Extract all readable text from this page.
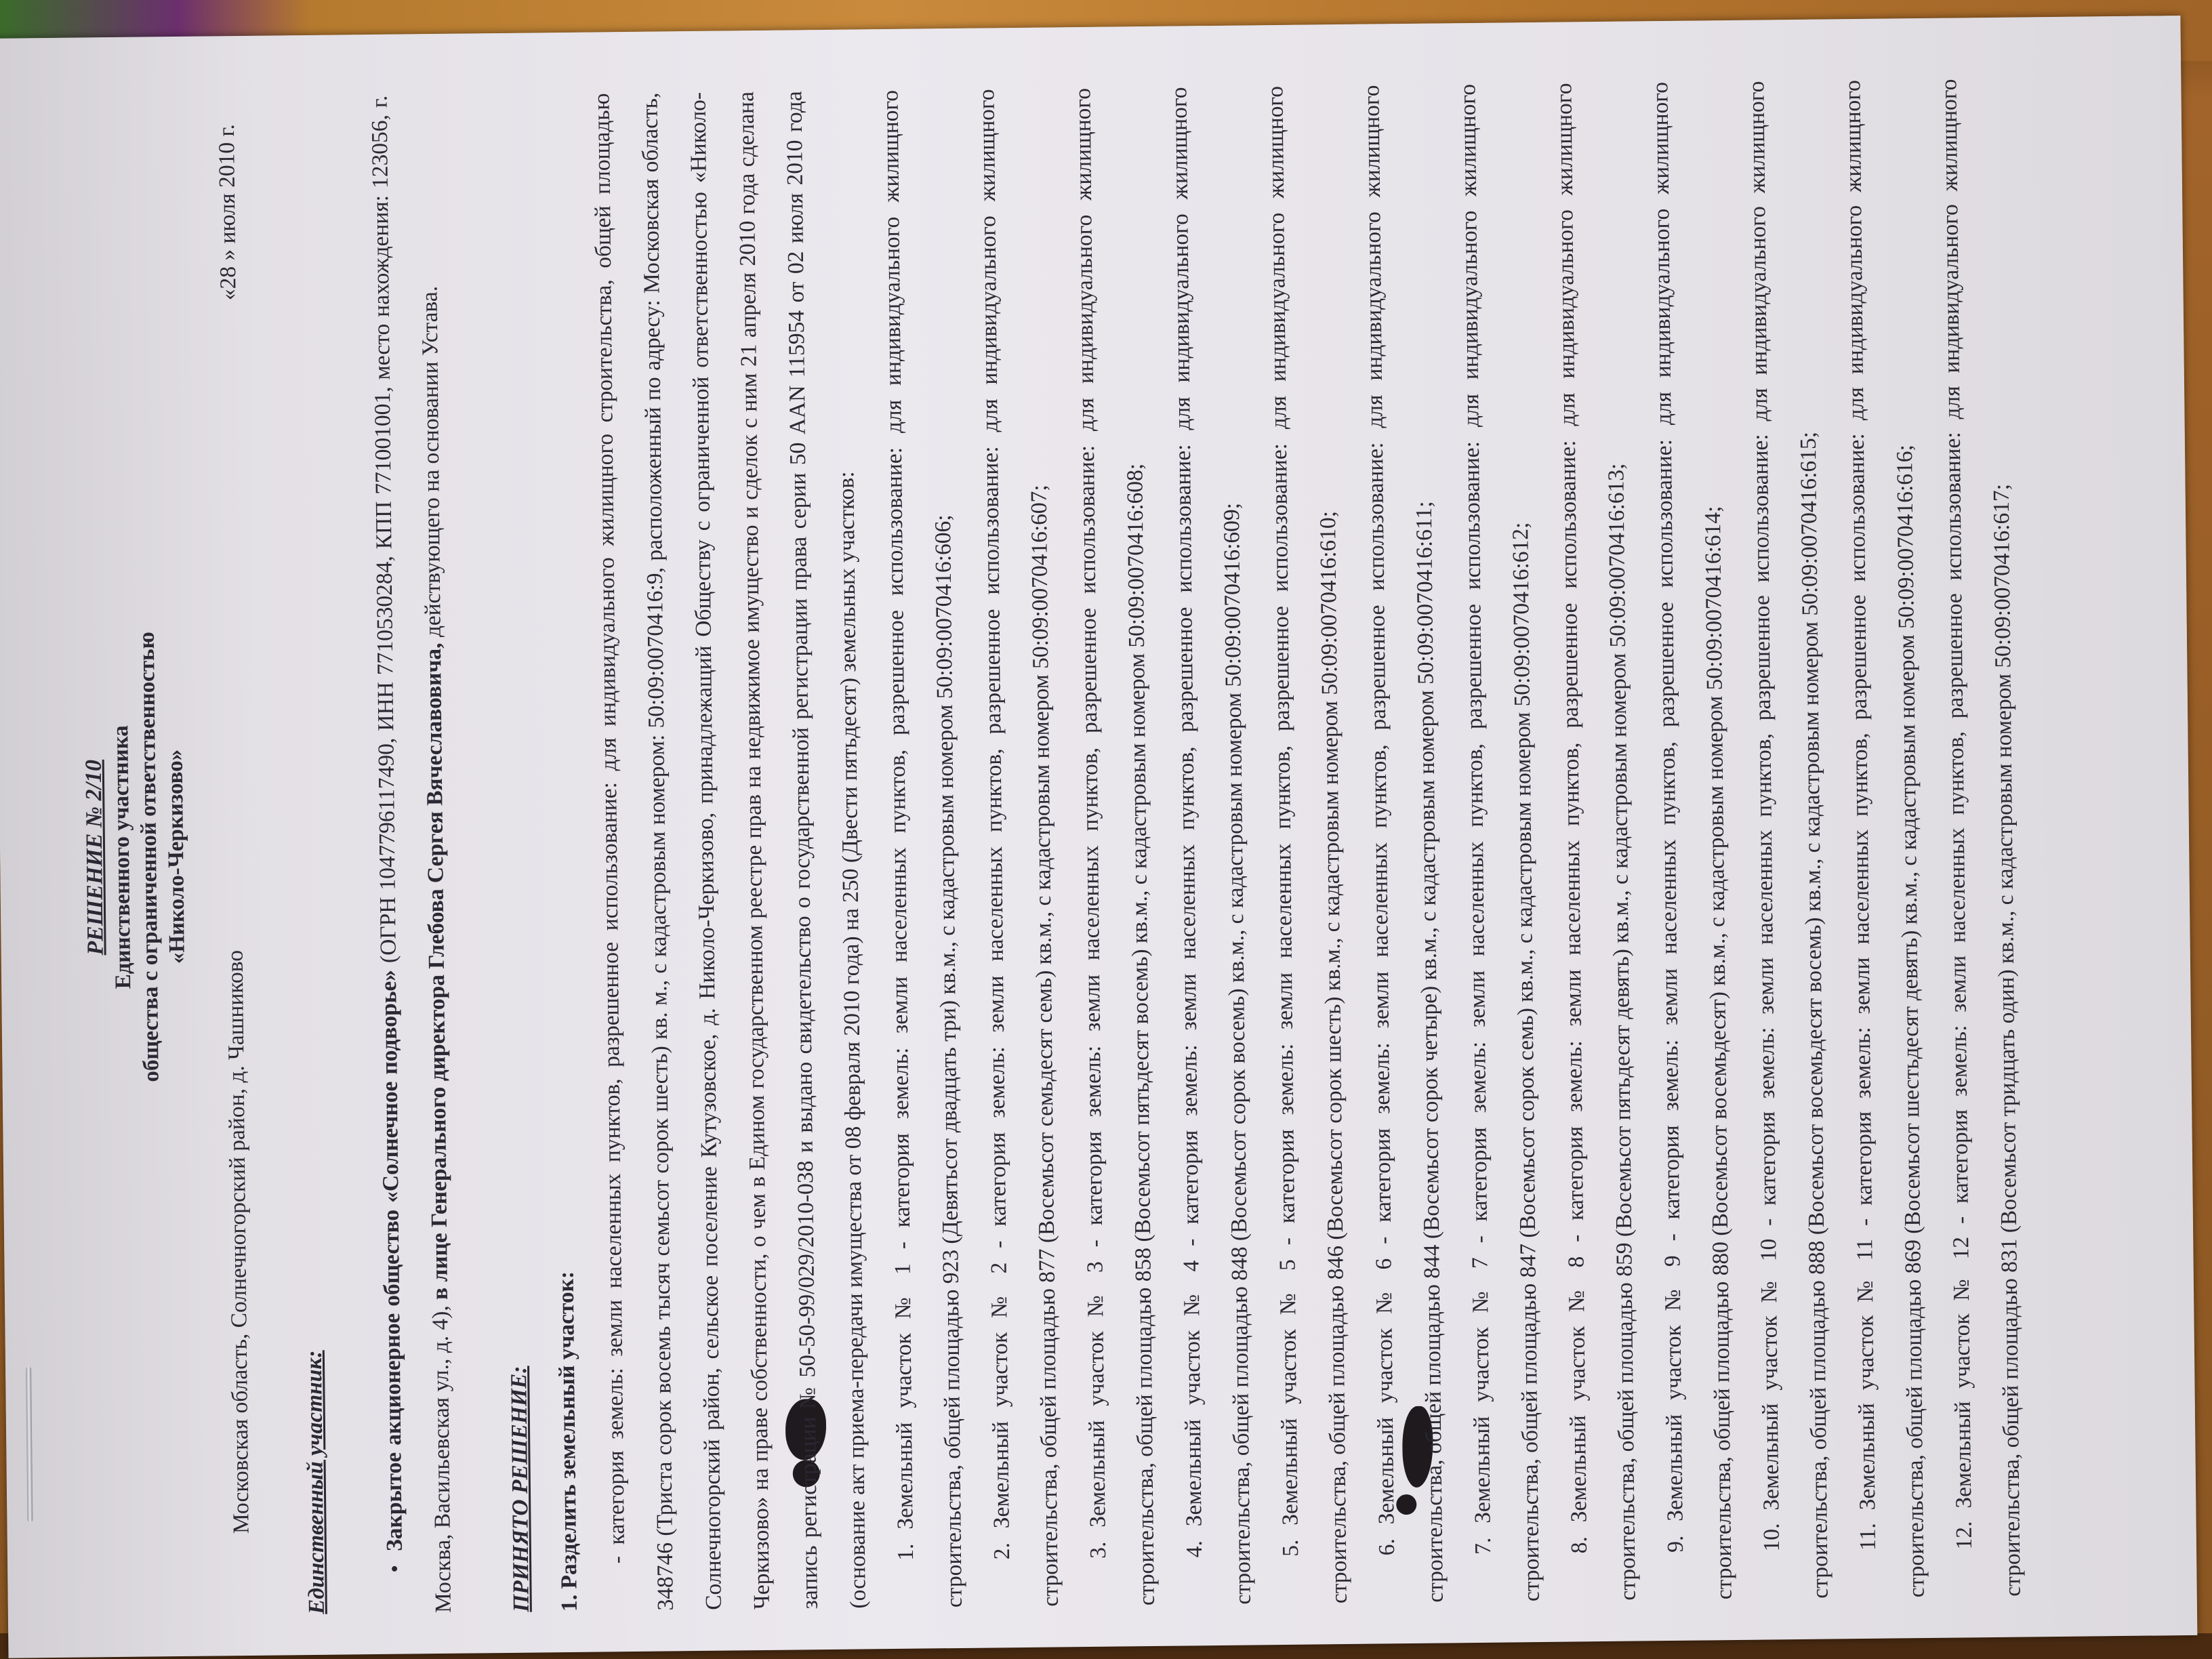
РЕШЕНИЕ № 2/10 Единственного участника

общества с ограниченной ответственностью

«Николо-Черкизово»

Московская область, Солнечногорский район, д. Чашниково
«28 » июля 2010 г.

Единственный участник:	•  Закрытое акционерное общество «Солнечное подворье» (ОГРН 1047796117490, ИНН 7710530284, КПП 771001001, место нахождения: 123056, г. Москва, Васильевская ул., д. 4), в лице Генерального директора Глебова Сергея Вячеславовича, действующего на основании Устава.

ПРИНЯТО РЕШЕНИЕ: 1. Разделить земельный участок: - категория земель: земли населенных пунктов, разрешенное использование: для индивидуального жилищного строительства, общей площадью 348746 (Триста сорок восемь тысяч семьсот сорок шесть) кв. м., с кадастровым номером: 50:09:0070416:9, расположенный по адресу: Московская область, Солнечногорский район, сельское поселение Кутузовское, д. Николо-Черкизово, принадлежащий Обществу с ограниченной ответственностью «Николо-Черкизово» на праве собственности, о чем в Едином государственном реестре прав на недвижимое имущество и сделок с ним 21 апреля 2010 года сделана запись регистрации № 50-50-99/029/2010-038 и выдано свидетельство о государственной регистрации права серии 50 ААN 115954 от 02 июля 2010 года (основание акт приема-передачи имущества от 08 февраля 2010 года) на 250 (Двести пятьдесят) земельных участков: 1. Земельный участок № 1 - категория земель: земли населенных пунктов, разрешенное использование: для индивидуального жилищного строительства, общей площадью 923 (Девятьсот двадцать три) кв.м., с кадастровым номером 50:09:0070416:606; 2. Земельный участок № 2 - категория земель: земли населенных пунктов, разрешенное использование: для индивидуального жилищного строительства, общей площадью 877 (Восемьсот семьдесят семь) кв.м., с кадастровым номером 50:09:0070416:607; 3. Земельный участок № 3 - категория земель: земли населенных пунктов, разрешенное использование: для индивидуального жилищного строительства, общей площадью 858 (Восемьсот пятьдесят восемь) кв.м., с кадастровым номером 50:09:0070416:608; 4. Земельный участок № 4 - категория земель: земли населенных пунктов, разрешенное использование: для индивидуального жилищного строительства, общей площадью 848 (Восемьсот сорок восемь) кв.м., с кадастровым номером 50:09:0070416:609; 5. Земельный участок № 5 - категория земель: земли населенных пунктов, разрешенное использование: для индивидуального жилищного строительства, общей площадью 846 (Восемьсот сорок шесть) кв.м., с кадастровым номером 50:09:0070416:610; 6. Земельный участок № 6 - категория земель: земли населенных пунктов, разрешенное использование: для индивидуального жилищного строительства, общей площадью 844 (Восемьсот сорок четыре) кв.м., с кадастровым номером 50:09:0070416:611; 7. Земельный участок № 7 - категория земель: земли населенных пунктов, разрешенное использование: для индивидуального жилищного строительства, общей площадью 847 (Восемьсот сорок семь) кв.м., с кадастровым номером 50:09:0070416:612; 8. Земельный участок № 8 - категория земель: земли населенных пунктов, разрешенное использование: для индивидуального жилищного строительства, общей площадью 859 (Восемьсот пятьдесят девять) кв.м., с кадастровым номером 50:09:0070416:613; 9. Земельный участок № 9 - категория земель: земли населенных пунктов, разрешенное использование: для индивидуального жилищного строительства, общей площадью 880 (Восемьсот восемьдесят) кв.м., с кадастровым номером 50:09:0070416:614; 10. Земельный участок № 10 - категория земель: земли населенных пунктов, разрешенное использование: для индивидуального жилищного строительства, общей площадью 888 (Восемьсот восемьдесят восемь) кв.м., с кадастровым номером 50:09:0070416:615; 11. Земельный участок № 11 - категория земель: земли населенных пунктов, разрешенное использование: для индивидуального жилищного строительства, общей площадью 869 (Восемьсот шестьдесят девять) кв.м., с кадастровым номером 50:09:0070416:616; 12. Земельный участок № 12 - категория земель: земли населенных пунктов, разрешенное использование: для индивидуального жилищного строительства, общей площадью 831 (Восемьсот тридцать один) кв.м., с кадастровым номером 50:09:0070416:617;
